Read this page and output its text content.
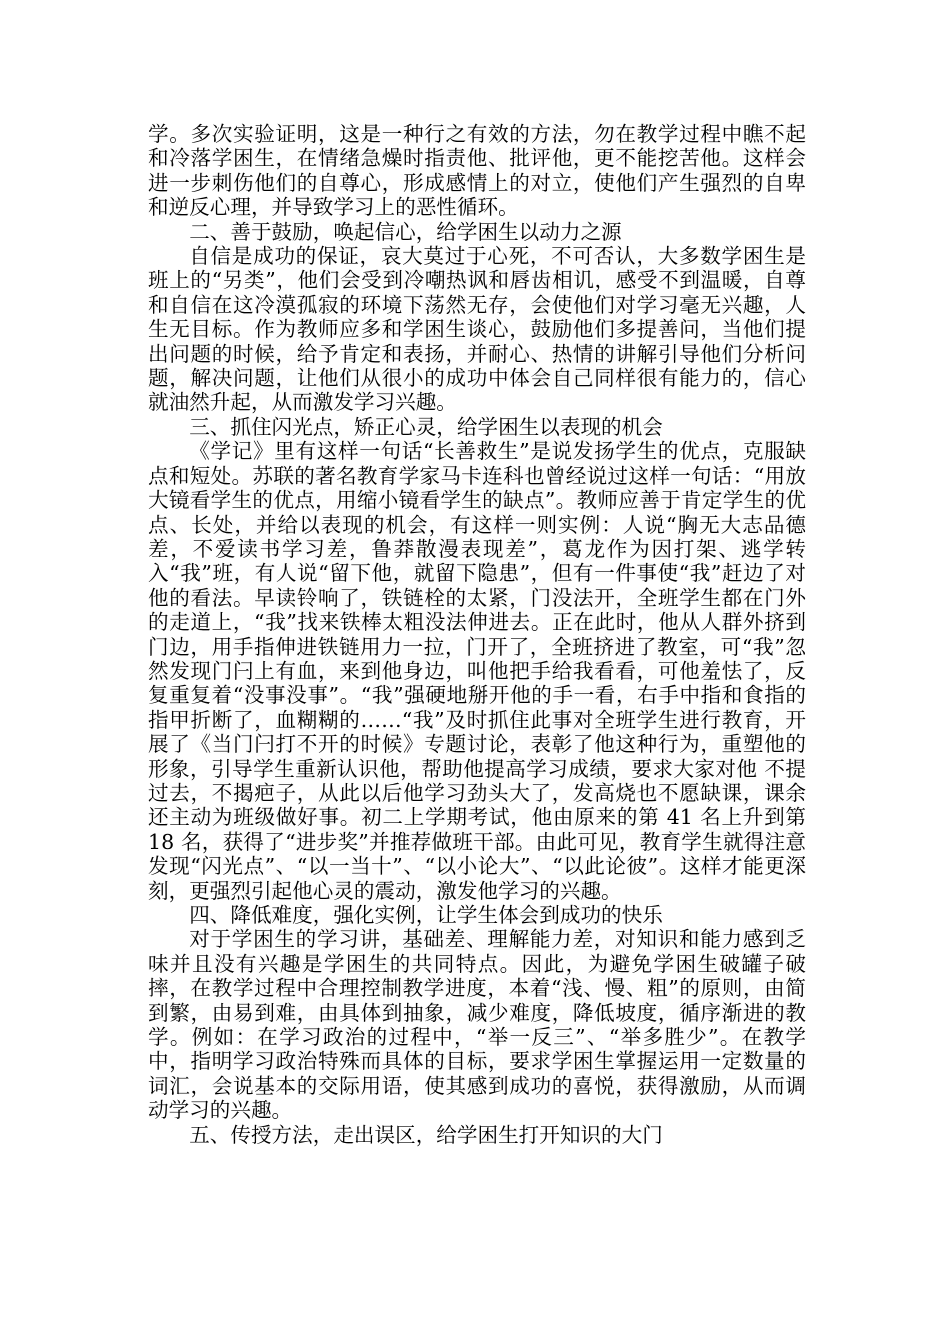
学。多次实验证明，这是一种行之有效的方法，勿在教学过程中瞧不起和冷落学困生，在情绪急燥时指责他、批评他，更不能挖苦他。这样会进一步刺伤他们的自尊心，形成感情上的对立，使他们产生强烈的自卑和逆反心理，并导致学习上的恶性循环。

二、善于鼓励，唤起信心，给学困生以动力之源

自信是成功的保证，哀大莫过于心死，不可否认，大多数学困生是班上的“另类”，他们会受到冷嘲热讽和唇齿相讥，感受不到温暖，自尊和自信在这冷漠孤寂的环境下荡然无存，会使他们对学习毫无兴趣，人生无目标。作为教师应多和学困生谈心，鼓励他们多提善问，当他们提出问题的时候，给予肯定和表扬，并耐心、热情的讲解引导他们分析问题，解决问题，让他们从很小的成功中体会自己同样很有能力的，信心就油然升起，从而激发学习兴趣。

三、抓住闪光点，矫正心灵，给学困生以表现的机会

《学记》里有这样一句话“长善救生”是说发扬学生的优点，克服缺点和短处。苏联的著名教育学家马卡连科也曾经说过这样一句话：“用放大镜看学生的优点，用缩小镜看学生的缺点”。教师应善于肯定学生的优点、长处，并给以表现的机会，有这样一则实例：人说“胸无大志品德差，不爱读书学习差，鲁莽散漫表现差”，葛龙作为因打架、逃学转入“我”班，有人说“留下他，就留下隐患”，但有一件事使“我”赶边了对他的看法。早读铃响了，铁链栓的太紧，门没法开，全班学生都在门外的走道上，“我”找来铁棒太粗没法伸进去。正在此时，他从人群外挤到门边，用手指伸进铁链用力一拉，门开了，全班挤进了教室，可“我”忽然发现门闩上有血，来到他身边，叫他把手给我看看，可他羞怯了，反复重复着“没事没事”。“我”强硬地掰开他的手一看，右手中指和食指的指甲折断了，血糊糊的……“我”及时抓住此事对全班学生进行教育，开展了《当门闩打不开的时候》专题讨论，表彰了他这种行为，重塑他的形象，引导学生重新认识他，帮助他提高学习成绩，要求大家对他 不提过去，不揭疤子，从此以后他学习劲头大了，发高烧也不愿缺课，课余还主动为班级做好事。初二上学期考试，他由原来的第 41 名上升到第 18 名，获得了“进步奖”并推荐做班干部。由此可见，教育学生就得注意发现“闪光点”、“以一当十”、“以小论大”、“以此论彼”。这样才能更深刻，更强烈引起他心灵的震动，激发他学习的兴趣。

四、降低难度，强化实例，让学生体会到成功的快乐

对于学困生的学习讲，基础差、理解能力差，对知识和能力感到乏味并且没有兴趣是学困生的共同特点。因此，为避免学困生破罐子破摔，在教学过程中合理控制教学进度，本着“浅、慢、粗”的原则，由简到繁，由易到难，由具体到抽象，减少难度，降低坡度，循序渐进的教学。例如：在学习政治的过程中，“举一反三”、“举多胜少”。在教学中，指明学习政治特殊而具体的目标，要求学困生掌握运用一定数量的词汇，会说基本的交际用语，使其感到成功的喜悦，获得激励，从而调动学习的兴趣。

五、传授方法，走出误区，给学困生打开知识的大门
